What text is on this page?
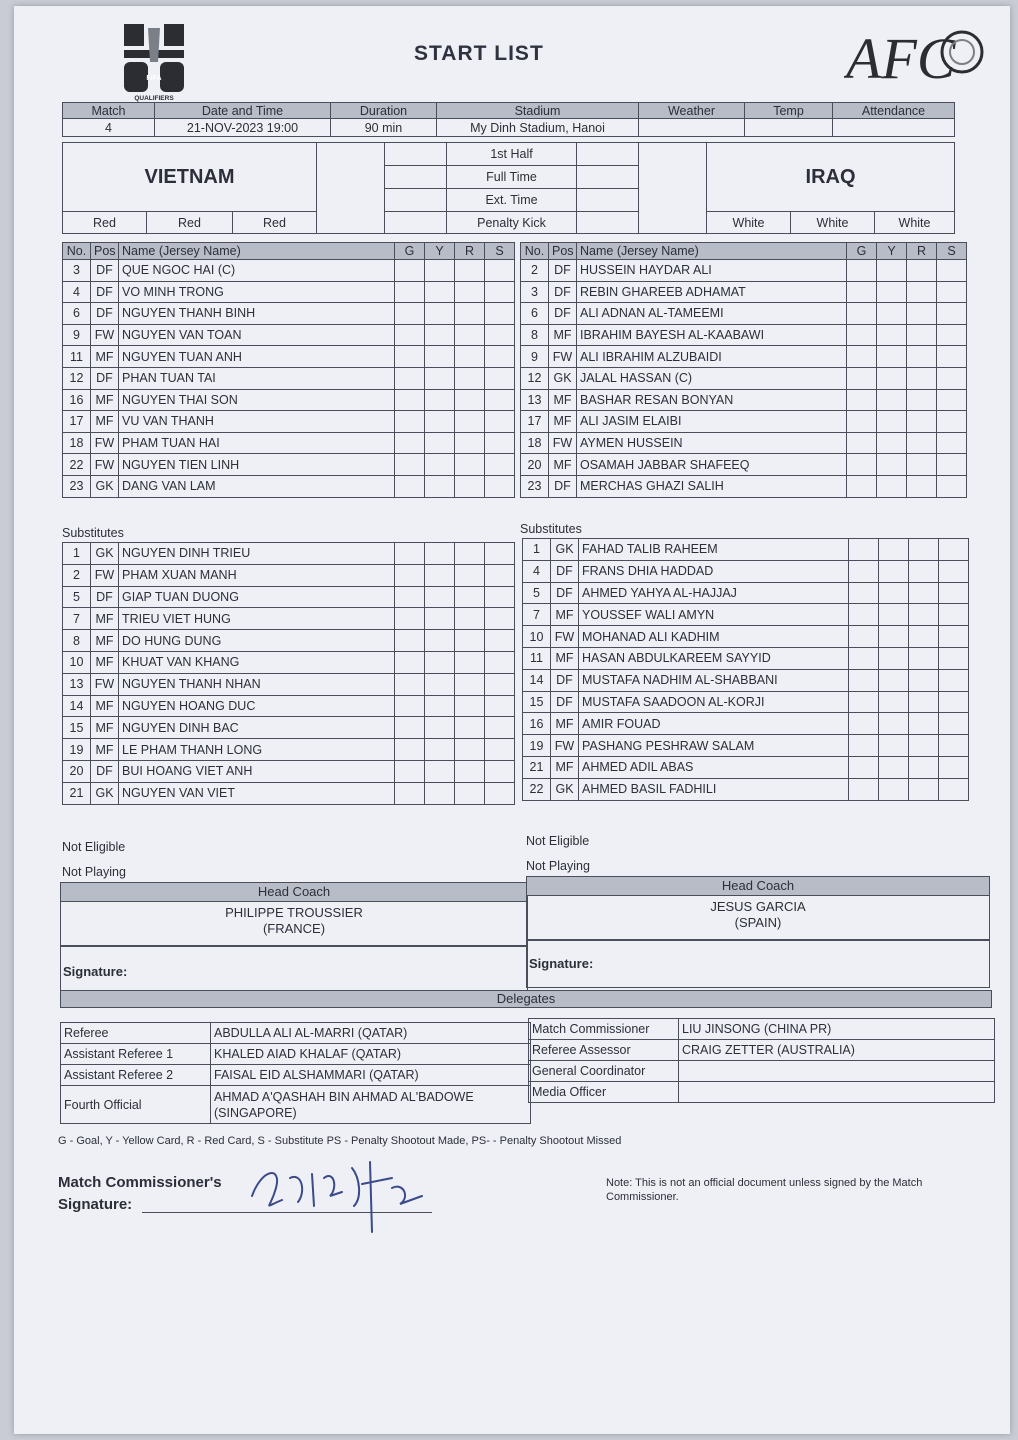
FIFA
QUALIFIERS
START LIST	AFC
Match	Date and Time	Duration	Stadium	Weather	Temp	Attendance
4	21-NOV-2023 19:00	90 min	My Dinh Stadium, Hanoi			
VIETNAM					1st Half			IRAQ		
					Full Time					
					Ext. Time					
Red	Red	Red			Penalty Kick			White	White	White
No.	Pos	Name (Jersey Name)	G	Y	R	S
3	DF	QUE NGOC HAI (C)				
4	DF	VO MINH TRONG				
6	DF	NGUYEN THANH BINH				
9	FW	NGUYEN VAN TOAN				
11	MF	NGUYEN TUAN ANH				
12	DF	PHAN TUAN TAI				
16	MF	NGUYEN THAI SON				
17	MF	VU VAN THANH				
18	FW	PHAM TUAN HAI				
22	FW	NGUYEN TIEN LINH				
23	GK	DANG VAN LAM				
No.	Pos	Name (Jersey Name)	G	Y	R	S
2	DF	HUSSEIN HAYDAR ALI				
3	DF	REBIN GHAREEB ADHAMAT				
6	DF	ALI ADNAN AL-TAMEEMI				
8	MF	IBRAHIM BAYESH AL-KAABAWI				
9	FW	ALI IBRAHIM ALZUBAIDI				
12	GK	JALAL HASSAN (C)				
13	MF	BASHAR RESAN BONYAN				
17	MF	ALI JASIM ELAIBI				
18	FW	AYMEN HUSSEIN				
20	MF	OSAMAH JABBAR SHAFEEQ				
23	DF	MERCHAS GHAZI SALIH				
Substitutes	Substitutes
1	GK	NGUYEN DINH TRIEU				
2	FW	PHAM XUAN MANH				
5	DF	GIAP TUAN DUONG				
7	MF	TRIEU VIET HUNG				
8	MF	DO HUNG DUNG				
10	MF	KHUAT VAN KHANG				
13	FW	NGUYEN THANH NHAN				
14	MF	NGUYEN HOANG DUC				
15	MF	NGUYEN DINH BAC				
19	MF	LE PHAM THANH LONG				
20	DF	BUI HOANG VIET ANH				
21	GK	NGUYEN VAN VIET				
1	GK	FAHAD TALIB RAHEEM				
4	DF	FRANS DHIA HADDAD				
5	DF	AHMED YAHYA AL-HAJJAJ				
7	MF	YOUSSEF WALI AMYN				
10	FW	MOHANAD ALI KADHIM				
11	MF	HASAN ABDULKAREEM SAYYID				
14	DF	MUSTAFA NADHIM AL-SHABBANI				
15	DF	MUSTAFA SAADOON AL-KORJI				
16	MF	AMIR FOUAD				
19	FW	PASHANG PESHRAW SALAM				
21	MF	AHMED ADIL ABAS				
22	GK	AHMED BASIL FADHILI				
Not Eligible
Not Playing
Not Eligible
Not Playing
Head Coach
PHILIPPE TROUSSIER
(FRANCE)
Head Coach
JESUS GARCIA
(SPAIN)
Signature:
Signature:
Delegates
Referee	ABDULLA ALI AL-MARRI (QATAR)
Assistant Referee 1	KHALED AIAD KHALAF (QATAR)
Assistant Referee 2	FAISAL EID ALSHAMMARI (QATAR)
Fourth Official	AHMAD A'QASHAH BIN AHMAD AL'BADOWE (SINGAPORE)
Match Commissioner	LIU JINSONG (CHINA PR)
Referee Assessor	CRAIG ZETTER (AUSTRALIA)
General Coordinator	
Media Officer	
G - Goal, Y - Yellow Card, R - Red Card, S - Substitute PS - Penalty Shootout Made, PS- - Penalty Shootout Missed
Match Commissioner's
Signature:
Note: This is not an official document unless signed by the Match Commissioner.
